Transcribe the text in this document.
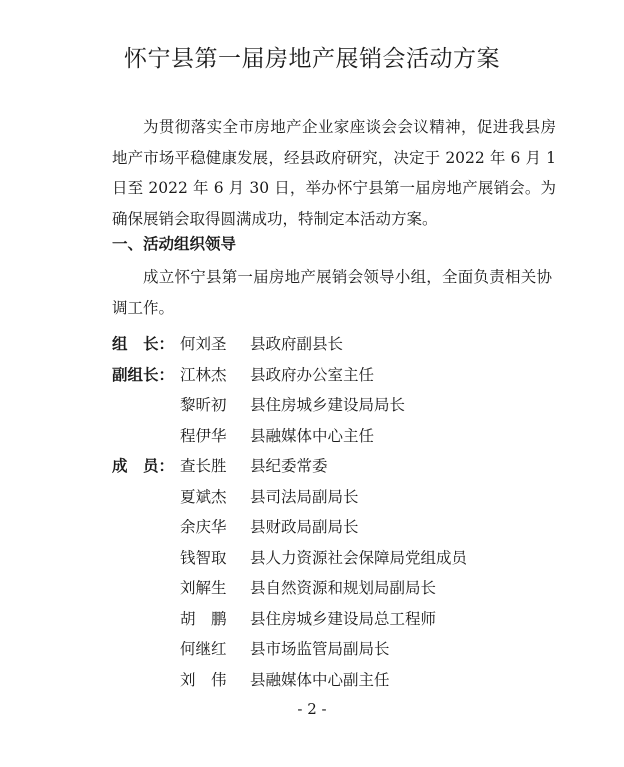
怀宁县第一届房地产展销会活动方案

为贯彻落实全市房地产企业家座谈会会议精神，促进我县房地产市场平稳健康发展，经县政府研究，决定于 2022 年 6 月 1 日至 2022 年 6 月 30 日，举办怀宁县第一届房地产展销会。为确保展销会取得圆满成功，特制定本活动方案。

一、活动组织领导

成立怀宁县第一届房地产展销会领导小组，全面负责相关协调工作。

组　长： 何刘圣	县政府副县长
副组长： 江林杰	县政府办公室主任
黎昕初	县住房城乡建设局局长
程伊华	县融媒体中心主任
成　员： 查长胜	县纪委常委
夏斌杰	县司法局副局长
余庆华	县财政局副局长
钱智取	县人力资源社会保障局党组成员
刘解生	县自然资源和规划局副局长
胡　鹏	县住房城乡建设局总工程师
何继红	县市场监管局副局长
刘　伟	县融媒体中心副主任

- 2 -
